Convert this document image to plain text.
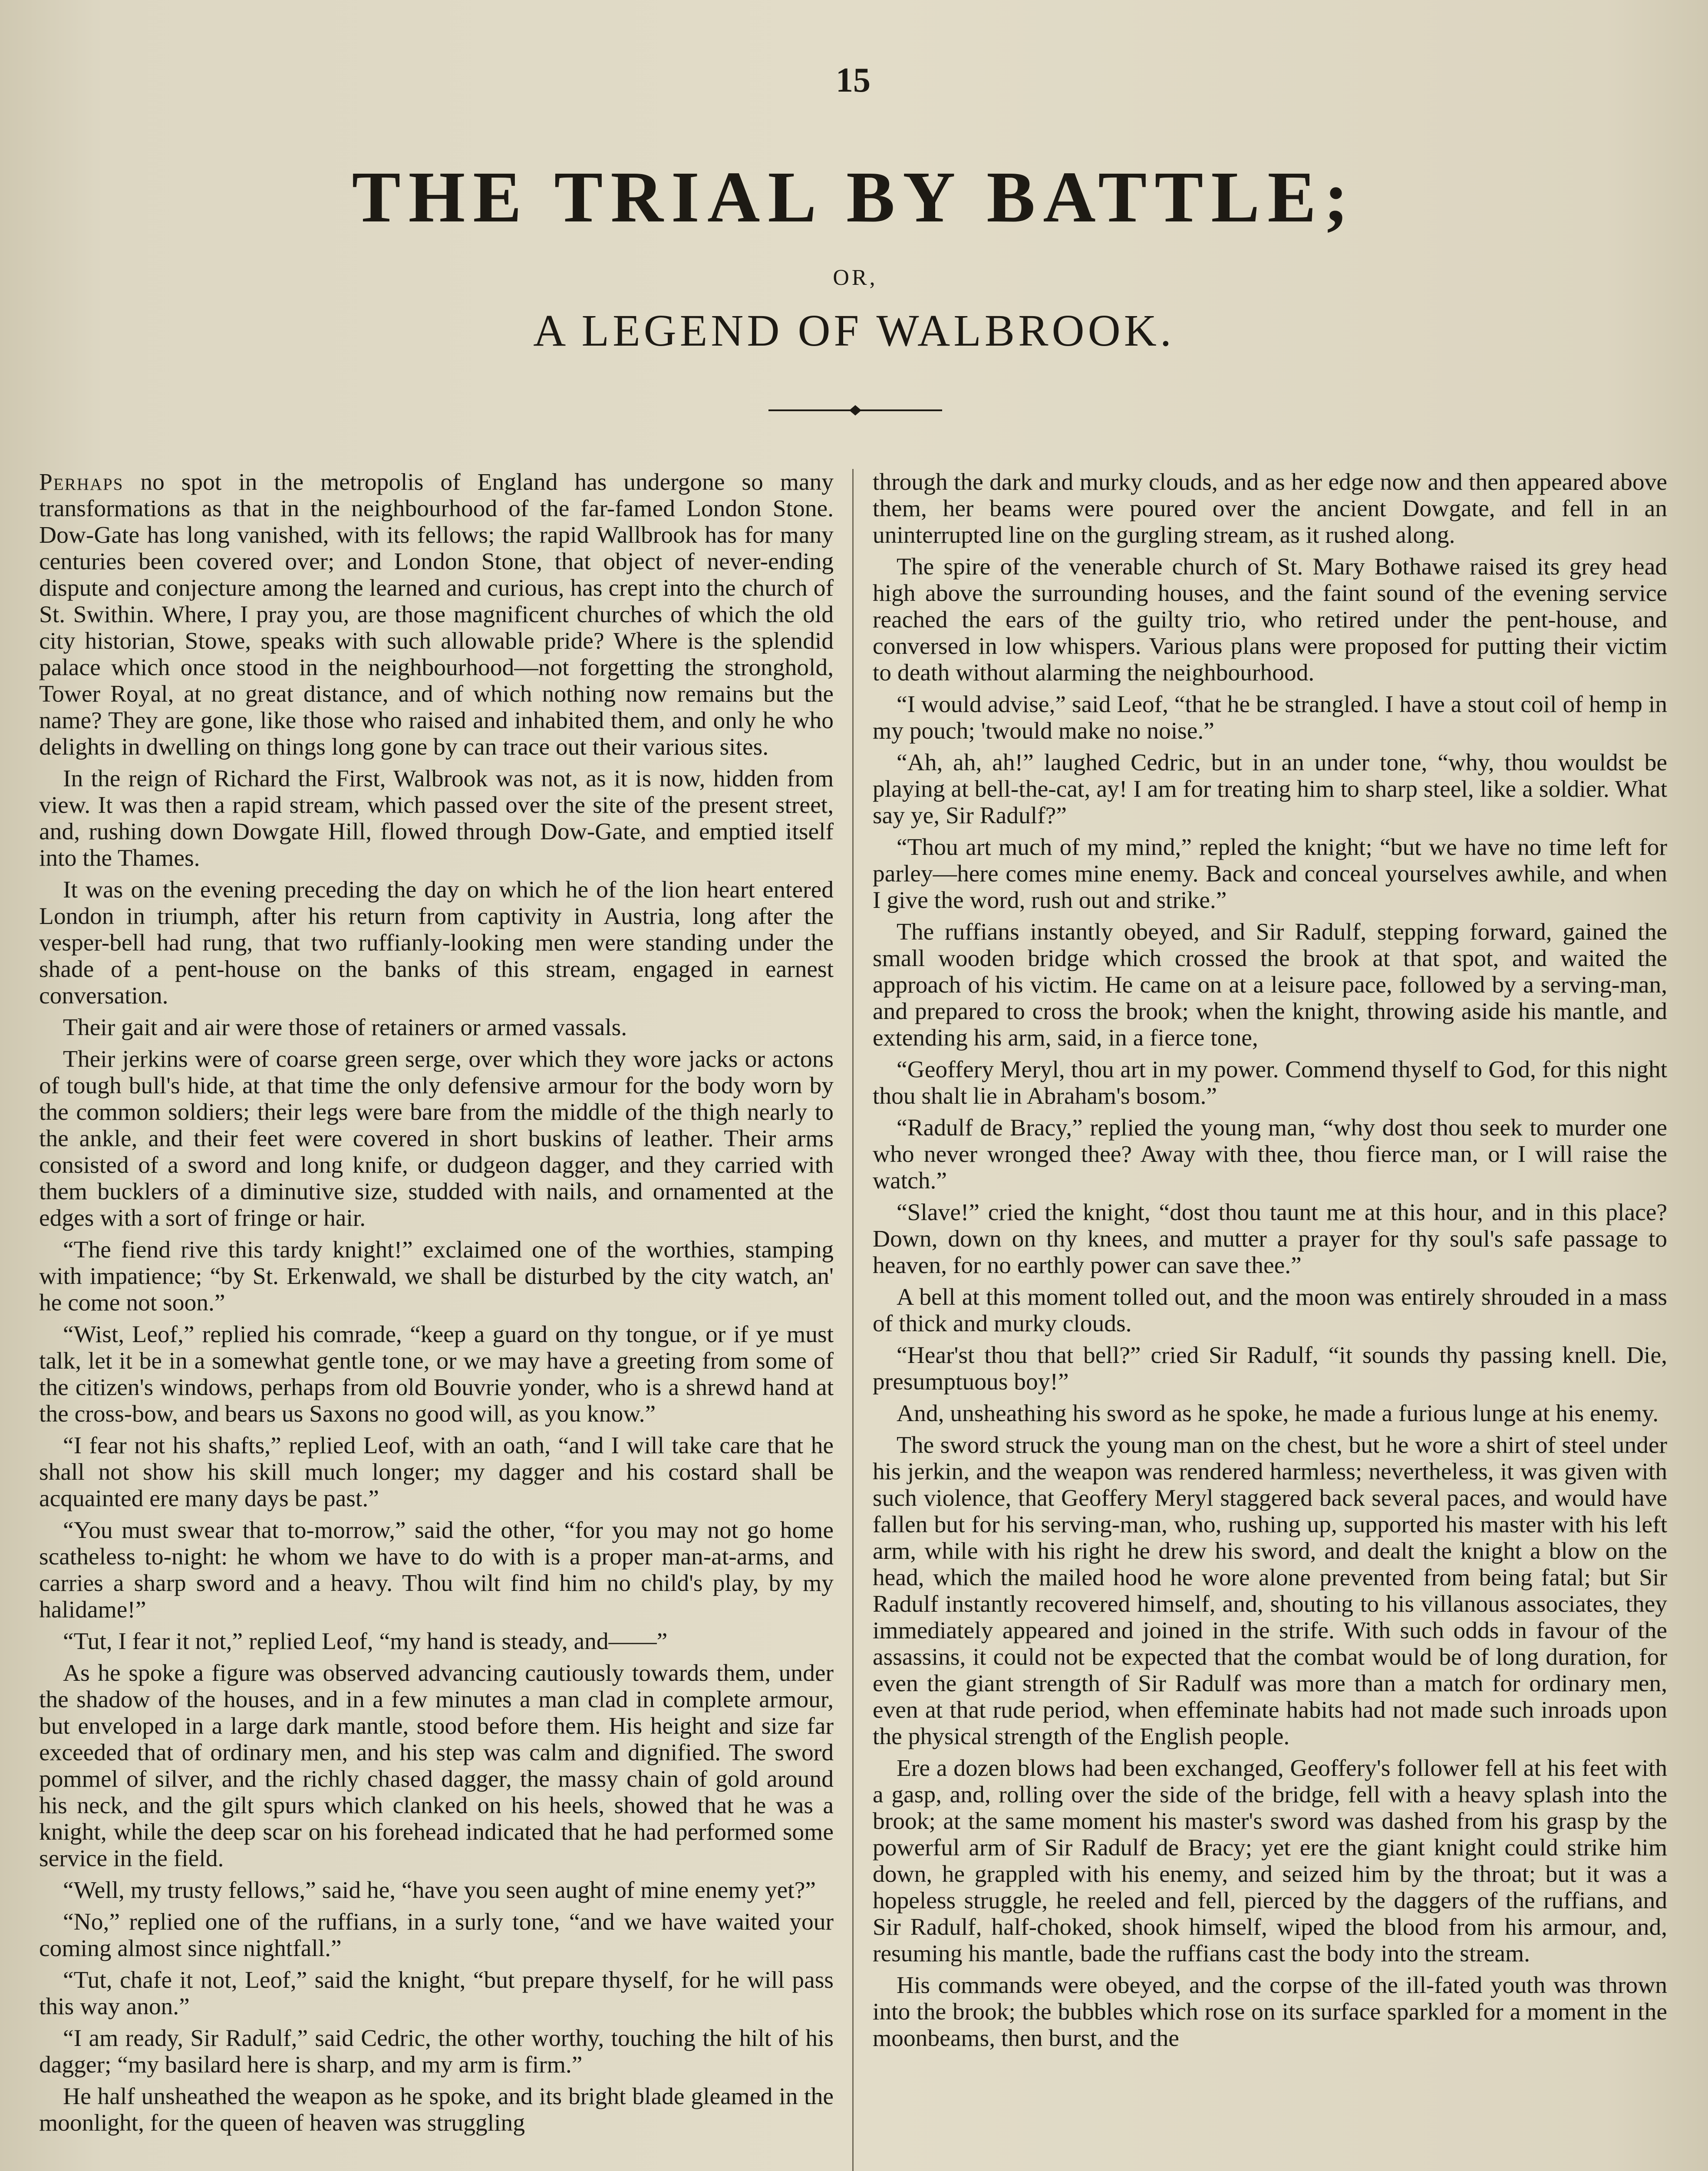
15
THE TRIAL BY BATTLE;
OR,
A LEGEND OF WALBROOK.

Perhaps no spot in the metropolis of England has undergone so many transformations as that in the neighbourhood of the far-famed London Stone. Dow-Gate has long vanished, with its fellows; the rapid Wallbrook has for many centuries been covered over; and London Stone, that object of never-ending dispute and conjecture among the learned and curious, has crept into the church of St. Swithin. Where, I pray you, are those magnificent churches of which the old city historian, Stowe, speaks with such allowable pride? Where is the splendid palace which once stood in the neighbourhood—not forgetting the stronghold, Tower Royal, at no great distance, and of which nothing now remains but the name? They are gone, like those who raised and inhabited them, and only he who delights in dwelling on things long gone by can trace out their various sites.

In the reign of Richard the First, Walbrook was not, as it is now, hidden from view. It was then a rapid stream, which passed over the site of the present street, and, rushing down Dowgate Hill, flowed through Dow-Gate, and emptied itself into the Thames.

It was on the evening preceding the day on which he of the lion heart entered London in triumph, after his return from captivity in Austria, long after the vesper-bell had rung, that two ruffianly-looking men were standing under the shade of a pent-house on the banks of this stream, engaged in earnest conversation.

Their gait and air were those of retainers or armed vassals.

Their jerkins were of coarse green serge, over which they wore jacks or actons of tough bull's hide, at that time the only defensive armour for the body worn by the common soldiers; their legs were bare from the middle of the thigh nearly to the ankle, and their feet were covered in short buskins of leather. Their arms consisted of a sword and long knife, or dudgeon dagger, and they carried with them bucklers of a diminutive size, studded with nails, and ornamented at the edges with a sort of fringe or hair.

“The fiend rive this tardy knight!” exclaimed one of the worthies, stamping with impatience; “by St. Erkenwald, we shall be disturbed by the city watch, an' he come not soon.”

“Wist, Leof,” replied his comrade, “keep a guard on thy tongue, or if ye must talk, let it be in a somewhat gentle tone, or we may have a greeting from some of the citizen's windows, perhaps from old Bouvrie yonder, who is a shrewd hand at the cross-bow, and bears us Saxons no good will, as you know.”

“I fear not his shafts,” replied Leof, with an oath, “and I will take care that he shall not show his skill much longer; my dagger and his costard shall be acquainted ere many days be past.”

“You must swear that to-morrow,” said the other, “for you may not go home scatheless to-night: he whom we have to do with is a proper man-at-arms, and carries a sharp sword and a heavy. Thou wilt find him no child's play, by my halidame!”

“Tut, I fear it not,” replied Leof, “my hand is steady, and——”

As he spoke a figure was observed advancing cautiously towards them, under the shadow of the houses, and in a few minutes a man clad in complete armour, but enveloped in a large dark mantle, stood before them. His height and size far exceeded that of ordinary men, and his step was calm and dignified. The sword pommel of silver, and the richly chased dagger, the massy chain of gold around his neck, and the gilt spurs which clanked on his heels, showed that he was a knight, while the deep scar on his forehead indicated that he had performed some service in the field.

“Well, my trusty fellows,” said he, “have you seen aught of mine enemy yet?”

“No,” replied one of the ruffians, in a surly tone, “and we have waited your coming almost since nightfall.”

“Tut, chafe it not, Leof,” said the knight, “but prepare thyself, for he will pass this way anon.”

“I am ready, Sir Radulf,” said Cedric, the other worthy, touching the hilt of his dagger; “my basilard here is sharp, and my arm is firm.”

He half unsheathed the weapon as he spoke, and its bright blade gleamed in the moonlight, for the queen of heaven was struggling

through the dark and murky clouds, and as her edge now and then appeared above them, her beams were poured over the ancient Dowgate, and fell in an uninterrupted line on the gurgling stream, as it rushed along.

The spire of the venerable church of St. Mary Bothawe raised its grey head high above the surrounding houses, and the faint sound of the evening service reached the ears of the guilty trio, who retired under the pent-house, and conversed in low whispers. Various plans were proposed for putting their victim to death without alarming the neighbourhood.

“I would advise,” said Leof, “that he be strangled. I have a stout coil of hemp in my pouch; 'twould make no noise.”

“Ah, ah, ah!” laughed Cedric, but in an under tone, “why, thou wouldst be playing at bell-the-cat, ay! I am for treating him to sharp steel, like a soldier. What say ye, Sir Radulf?”

“Thou art much of my mind,” repled the knight; “but we have no time left for parley—here comes mine enemy. Back and conceal yourselves awhile, and when I give the word, rush out and strike.”

The ruffians instantly obeyed, and Sir Radulf, stepping forward, gained the small wooden bridge which crossed the brook at that spot, and waited the approach of his victim. He came on at a leisure pace, followed by a serving-man, and prepared to cross the brook; when the knight, throwing aside his mantle, and extending his arm, said, in a fierce tone,

“Geoffery Meryl, thou art in my power. Commend thyself to God, for this night thou shalt lie in Abraham's bosom.”

“Radulf de Bracy,” replied the young man, “why dost thou seek to murder one who never wronged thee? Away with thee, thou fierce man, or I will raise the watch.”

“Slave!” cried the knight, “dost thou taunt me at this hour, and in this place? Down, down on thy knees, and mutter a prayer for thy soul's safe passage to heaven, for no earthly power can save thee.”

A bell at this moment tolled out, and the moon was entirely shrouded in a mass of thick and murky clouds.

“Hear'st thou that bell?” cried Sir Radulf, “it sounds thy passing knell. Die, presumptuous boy!”

And, unsheathing his sword as he spoke, he made a furious lunge at his enemy.

The sword struck the young man on the chest, but he wore a shirt of steel under his jerkin, and the weapon was rendered harmless; nevertheless, it was given with such violence, that Geoffery Meryl staggered back several paces, and would have fallen but for his serving-man, who, rushing up, supported his master with his left arm, while with his right he drew his sword, and dealt the knight a blow on the head, which the mailed hood he wore alone prevented from being fatal; but Sir Radulf instantly recovered himself, and, shouting to his villanous associates, they immediately appeared and joined in the strife. With such odds in favour of the assassins, it could not be expected that the combat would be of long duration, for even the giant strength of Sir Radulf was more than a match for ordinary men, even at that rude period, when effeminate habits had not made such inroads upon the physical strength of the English people.

Ere a dozen blows had been exchanged, Geoffery's follower fell at his feet with a gasp, and, rolling over the side of the bridge, fell with a heavy splash into the brook; at the same moment his master's sword was dashed from his grasp by the powerful arm of Sir Radulf de Bracy; yet ere the giant knight could strike him down, he grappled with his enemy, and seized him by the throat; but it was a hopeless struggle, he reeled and fell, pierced by the daggers of the ruffians, and Sir Radulf, half-choked, shook himself, wiped the blood from his armour, and, resuming his mantle, bade the ruffians cast the body into the stream.

His commands were obeyed, and the corpse of the ill-fated youth was thrown into the brook; the bubbles which rose on its surface sparkled for a moment in the moonbeams, then burst, and the
